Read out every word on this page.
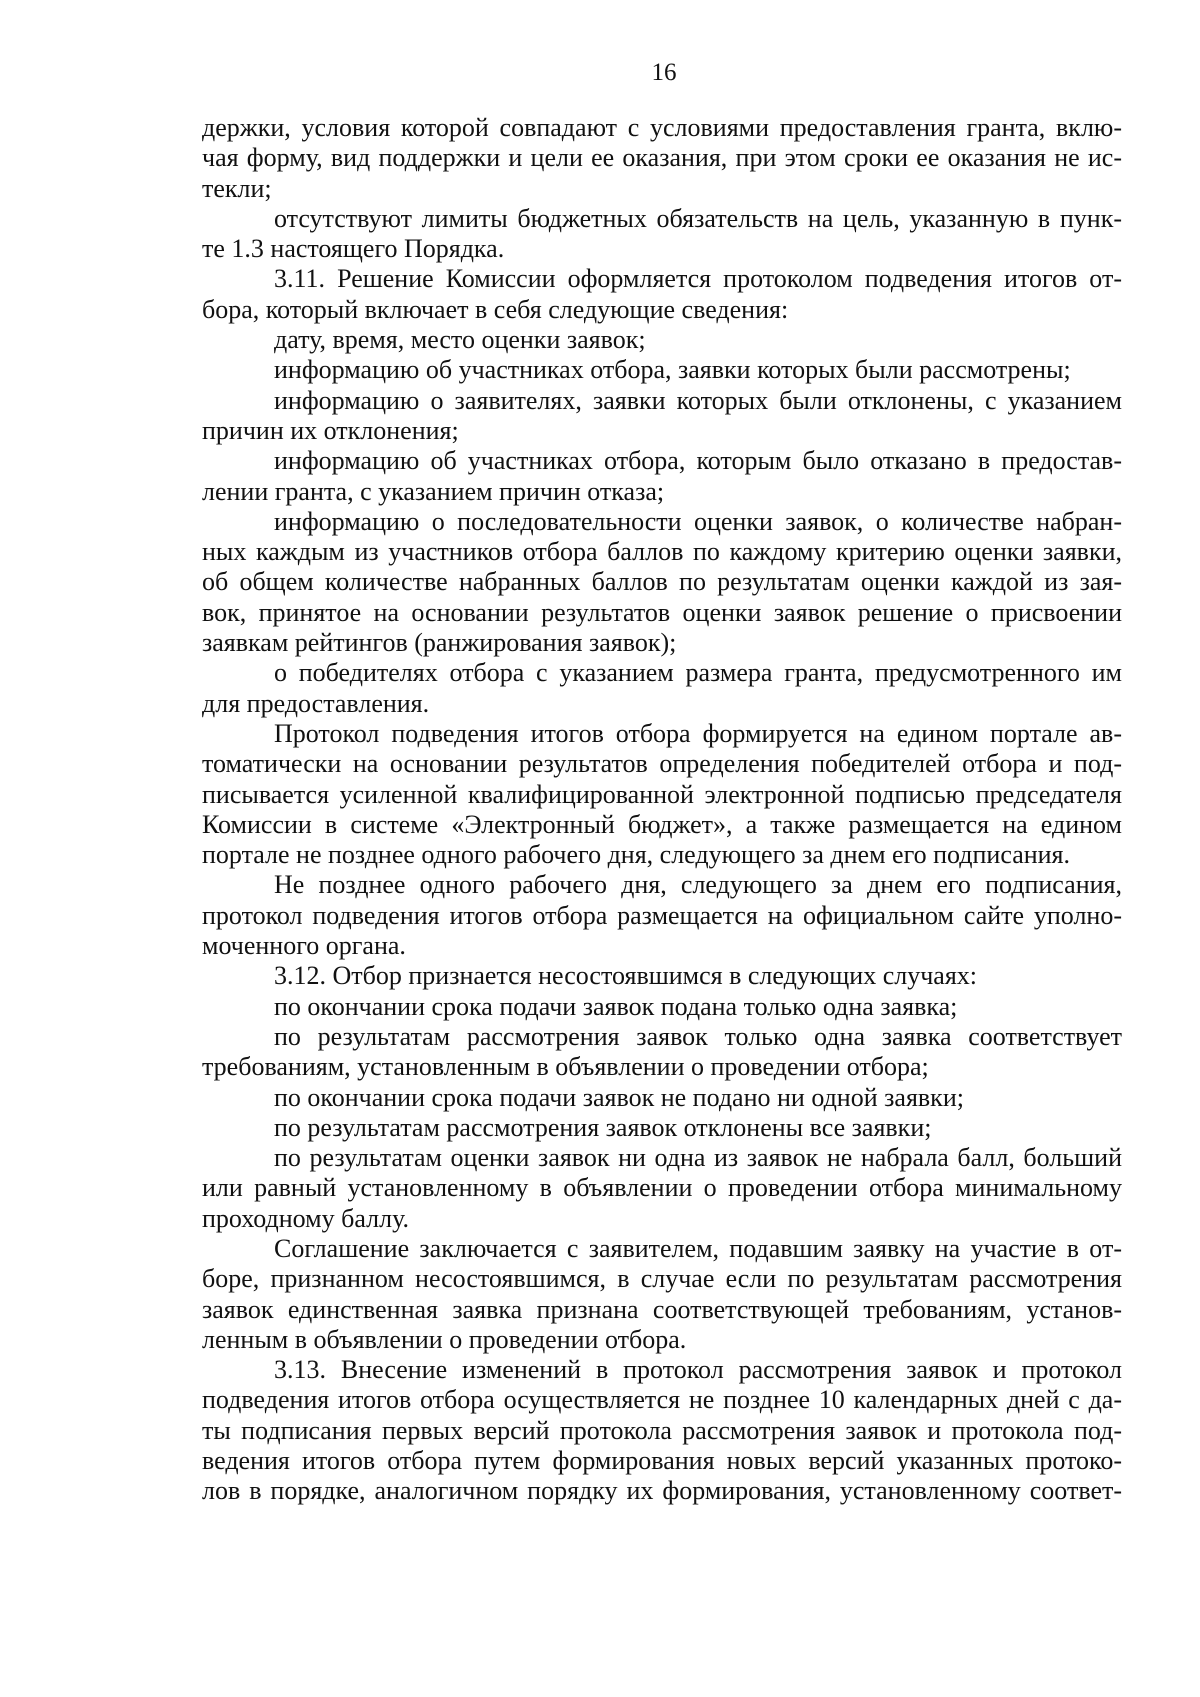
16
держки, условия которой совпадают с условиями предоставления гранта, вклю-
чая форму, вид поддержки и цели ее оказания, при этом сроки ее оказания не ис-
текли;
отсутствуют лимиты бюджетных обязательств на цель, указанную в пунк-
те 1.3 настоящего Порядка.
3.11. Решение Комиссии оформляется протоколом подведения итогов от-
бора, который включает в себя следующие сведения:
дату, время, место оценки заявок;
информацию об участниках отбора, заявки которых были рассмотрены;
информацию о заявителях, заявки которых были отклонены, с указанием
причин их отклонения;
информацию об участниках отбора, которым было отказано в предостав-
лении гранта, с указанием причин отказа;
информацию о последовательности оценки заявок, о количестве набран-
ных каждым из участников отбора баллов по каждому критерию оценки заявки,
об общем количестве набранных баллов по результатам оценки каждой из зая-
вок, принятое на основании результатов оценки заявок решение о присвоении
заявкам рейтингов (ранжирования заявок);
о победителях отбора с указанием размера гранта, предусмотренного им
для предоставления.
Протокол подведения итогов отбора формируется на едином портале ав-
томатически на основании результатов определения победителей отбора и под-
писывается усиленной квалифицированной электронной подписью председателя
Комиссии в системе «Электронный бюджет», а также размещается на едином
портале не позднее одного рабочего дня, следующего за днем его подписания.
Не позднее одного рабочего дня, следующего за днем его подписания,
протокол подведения итогов отбора размещается на официальном сайте уполно-
моченного органа.
3.12. Отбор признается несостоявшимся в следующих случаях:
по окончании срока подачи заявок подана только одна заявка;
по результатам рассмотрения заявок только одна заявка соответствует
требованиям, установленным в объявлении о проведении отбора;
по окончании срока подачи заявок не подано ни одной заявки;
по результатам рассмотрения заявок отклонены все заявки;
по результатам оценки заявок ни одна из заявок не набрала балл, больший
или равный установленному в объявлении о проведении отбора минимальному
проходному баллу.
Соглашение заключается с заявителем, подавшим заявку на участие в от-
боре, признанном несостоявшимся, в случае если по результатам рассмотрения
заявок единственная заявка признана соответствующей требованиям, установ-
ленным в объявлении о проведении отбора.
3.13. Внесение изменений в протокол рассмотрения заявок и протокол
подведения итогов отбора осуществляется не позднее 10 календарных дней с да-
ты подписания первых версий протокола рассмотрения заявок и протокола под-
ведения итогов отбора путем формирования новых версий указанных протоко-
лов в порядке, аналогичном порядку их формирования, установленному соответ-
